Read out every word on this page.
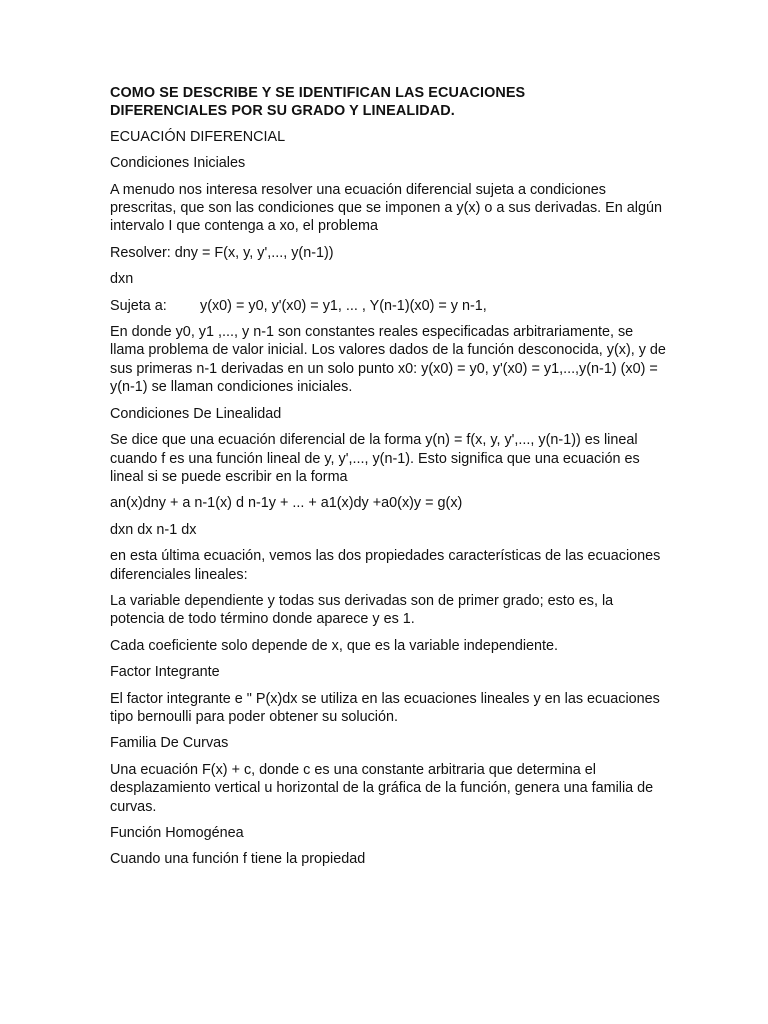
COMO SE DESCRIBE Y SE IDENTIFICAN LAS ECUACIONES
DIFERENCIALES POR SU GRADO Y LINEALIDAD.
ECUACIÓN DIFERENCIAL
Condiciones Iniciales
A menudo nos interesa resolver una ecuación diferencial sujeta a condiciones prescritas, que son las condiciones que se imponen a y(x) o a sus derivadas. En algún intervalo I que contenga a xo, el problema
Resolver: dny = F(x, y, y',..., y(n-1))
dxn
Sujeta a: y(x0) = y0, y'(x0) = y1, ... , Y(n-1)(x0) = y n-1,
En donde y0, y1 ,..., y n-1 son constantes reales especificadas arbitrariamente, se llama problema de valor inicial. Los valores dados de la función desconocida, y(x), y de sus primeras n-1 derivadas en un solo punto x0: y(x0) = y0, y'(x0) = y1,...,y(n-1) (x0) = y(n-1) se llaman condiciones iniciales.
Condiciones De Linealidad
Se dice que una ecuación diferencial de la forma y(n) = f(x, y, y',..., y(n-1)) es lineal cuando f es una función lineal de y, y',..., y(n-1). Esto significa que una ecuación es lineal si se puede escribir en la forma
an(x)dny + a n-1(x) d n-1y + ... + a1(x)dy +a0(x)y = g(x)
dxn dx n-1 dx
en esta última ecuación, vemos las dos propiedades características de las ecuaciones diferenciales lineales:
La variable dependiente y todas sus derivadas son de primer grado; esto es, la potencia de todo término donde aparece y es 1.
Cada coeficiente solo depende de x, que es la variable independiente.
Factor Integrante
El factor integrante e " P(x)dx se utiliza en las ecuaciones lineales y en las ecuaciones tipo bernoulli para poder obtener su solución.
Familia De Curvas
Una ecuación F(x) + c, donde c es una constante arbitraria que determina el desplazamiento vertical u horizontal de la gráfica de la función, genera una familia de curvas.
Función Homogénea
Cuando una función f tiene la propiedad
